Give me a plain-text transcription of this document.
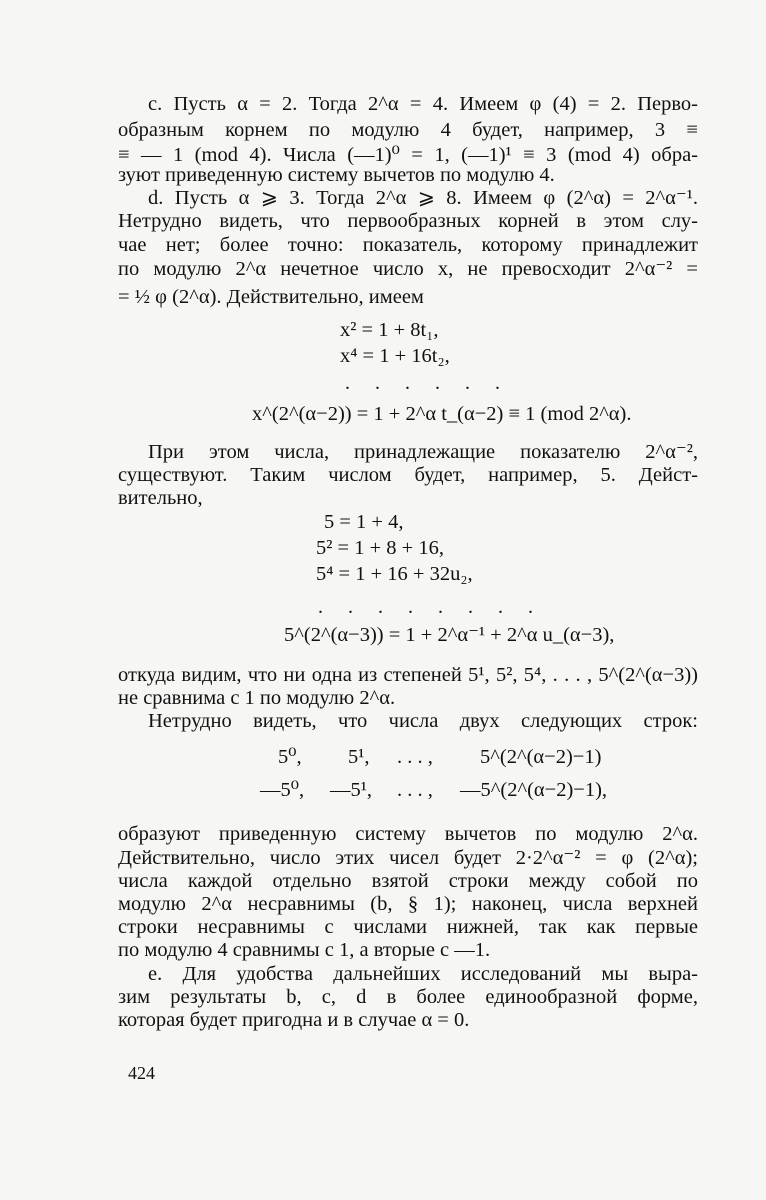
c. Пусть α = 2. Тогда 2^α = 4. Имеем φ (4) = 2. Перво-
образным корнем по модулю 4 будет, например, 3 ≡
≡ — 1 (mod 4). Числа (—1)⁰ = 1, (—1)¹ ≡ 3 (mod 4) обра-
зуют приведенную систему вычетов по модулю 4.
d. Пусть α ⩾ 3. Тогда 2^α ⩾ 8. Имеем φ (2^α) = 2^α⁻¹.
Нетрудно видеть, что первообразных корней в этом слу-
чае нет; более точно: показатель, которому принадлежит
по модулю 2^α нечетное число x, не превосходит 2^α⁻² =
= ½ φ (2^α). Действительно, имеем
x² = 1 + 8t₁,
x⁴ = 1 + 16t₂,
. . . . . .
x^(2^(α−2)) = 1 + 2^α t_(α−2) ≡ 1 (mod 2^α).
При этом числа, принадлежащие показателю 2^α⁻²,
существуют. Таким числом будет, например, 5. Дейст-
вительно,
5 = 1 + 4,
5² = 1 + 8 + 16,
5⁴ = 1 + 16 + 32u₂,
. . . . . . . .
5^(2^(α−3)) = 1 + 2^α⁻¹ + 2^α u_(α−3),
откуда видим, что ни одна из степеней 5¹, 5², 5⁴, . . . , 5^(2^(α−3))
не сравнима с 1 по модулю 2^α.
Нетрудно видеть, что числа двух следующих строк:
5⁰, 5¹, . . . , 5^(2^(α−2)−1)
—5⁰, —5¹, . . . , —5^(2^(α−2)−1),
образуют приведенную систему вычетов по модулю 2^α.
Действительно, число этих чисел будет 2·2^α⁻² = φ (2^α);
числа каждой отдельно взятой строки между собой по
модулю 2^α несравнимы (b, § 1); наконец, числа верхней
строки несравнимы с числами нижней, так как первые
по модулю 4 сравнимы с 1, а вторые с —1.
e. Для удобства дальнейших исследований мы выра-
зим результаты b, c, d в более единообразной форме,
которая будет пригодна и в случае α = 0.
424
